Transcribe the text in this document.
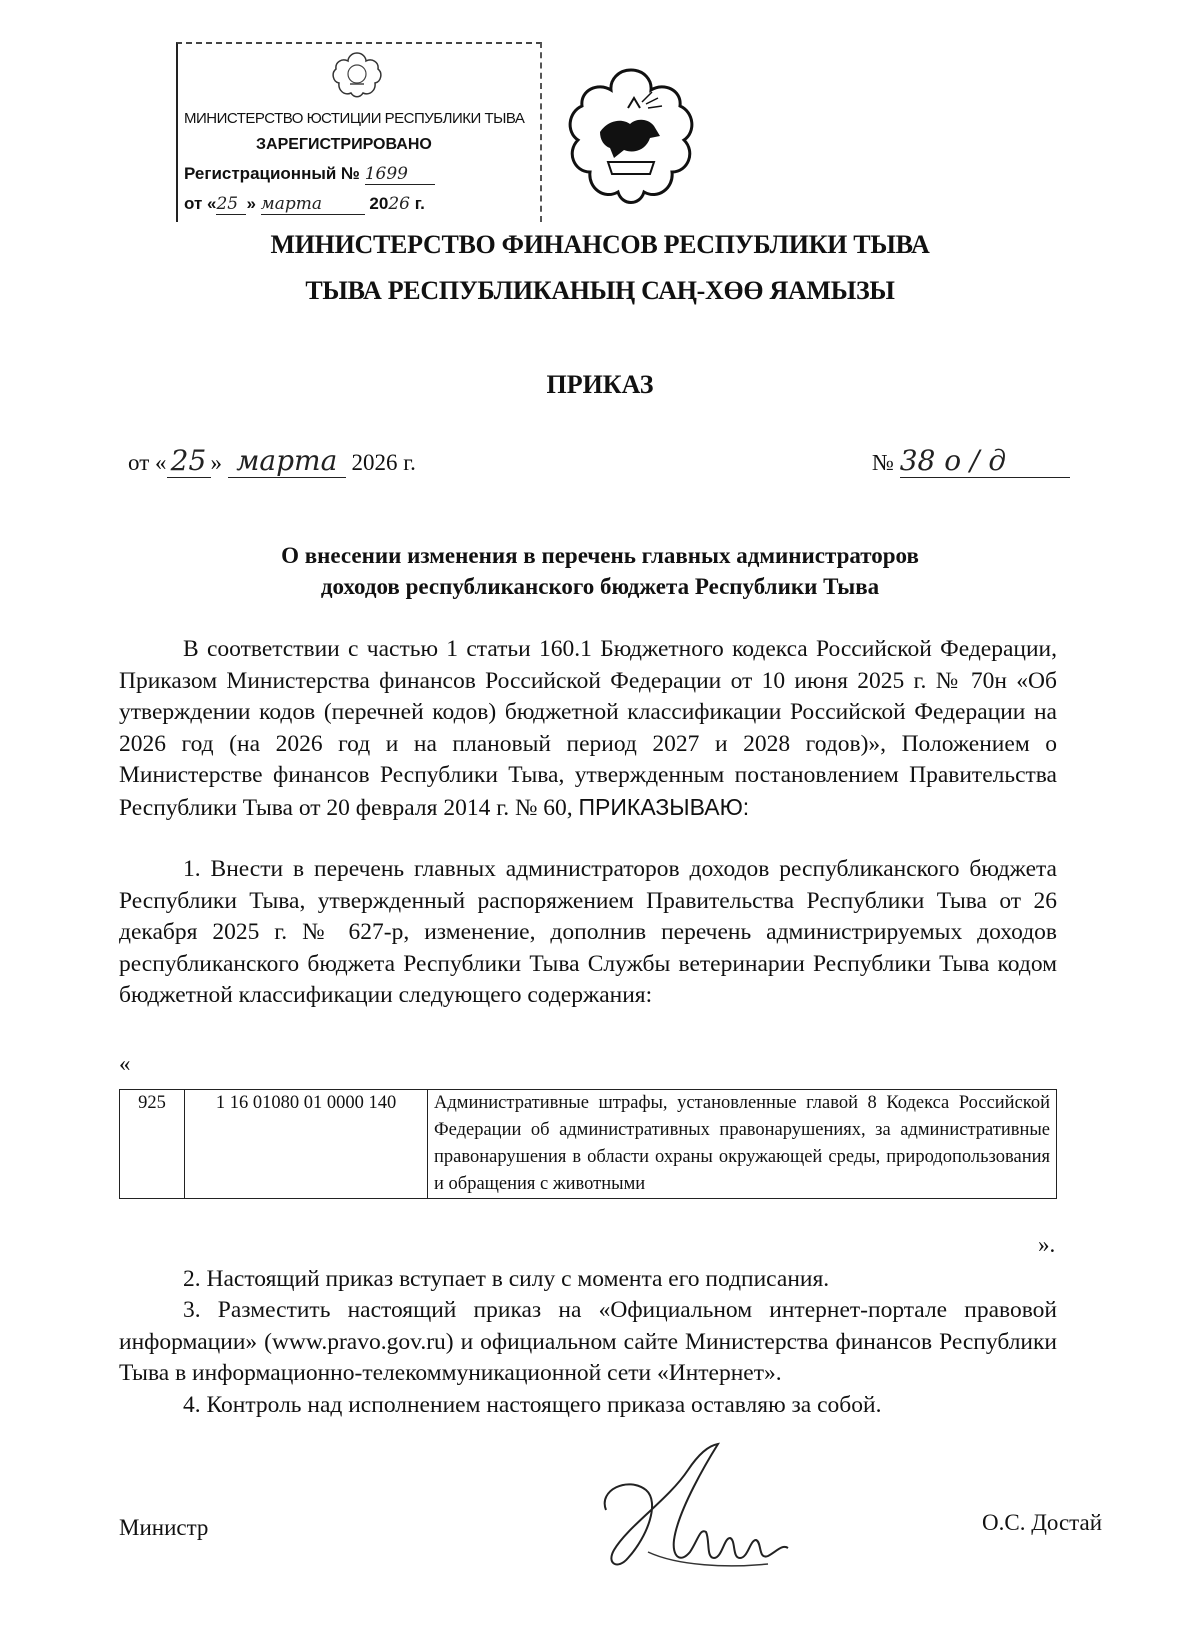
МИНИСТЕРСТВО ЮСТИЦИИ РЕСПУБЛИКИ ТЫВА
ЗАРЕГИСТРИРОВАНО
Регистрационный № 1699
от «25 » марта	2026 г.
МИНИСТЕРСТВО ФИНАНСОВ РЕСПУБЛИКИ ТЫВА
ТЫВА РЕСПУБЛИКАНЫҢ САҢ-ХӨӨ ЯАМЫЗЫ
ПРИКАЗ
от « 25 » марта 2026 г.	№ 38 о / д
О внесении изменения в перечень главных администраторов
доходов республиканского бюджета Республики Тыва
В соответствии с частью 1 статьи 160.1 Бюджетного кодекса Российской Федерации, Приказом Министерства финансов Российской Федерации от 10 июня 2025 г. № 70н «Об утверждении кодов (перечней кодов) бюджетной классификации Российской Федерации на 2026 год (на 2026 год и на плановый период 2027 и 2028 годов)», Положением о Министерстве финансов Республики Тыва, утвержденным постановлением Правительства Республики Тыва от 20 февраля 2014 г. № 60, ПРИКАЗЫВАЮ:
1. Внести в перечень главных администраторов доходов республиканского бюджета Республики Тыва, утвержденный распоряжением Правительства Республики Тыва от 26 декабря 2025 г. № 627-р, изменение, дополнив перечень администрируемых доходов республиканского бюджета Республики Тыва Службы ветеринарии Республики Тыва кодом бюджетной классификации следующего содержания:
«
925	1 16 01080 01 0000 140	Административные штрафы, установленные главой 8 Кодекса Российской Федерации об административных правонарушениях, за административные правонарушения в области охраны окружающей среды, природопользования и обращения с животными
».
2. Настоящий приказ вступает в силу с момента его подписания.
3. Разместить настоящий приказ на «Официальном интернет-портале правовой информации» (www.pravo.gov.ru) и официальном сайте Министерства финансов Республики Тыва в информационно-телекоммуникационной сети «Интернет».
4. Контроль над исполнением настоящего приказа оставляю за собой.
Министр	О.С. Достай
